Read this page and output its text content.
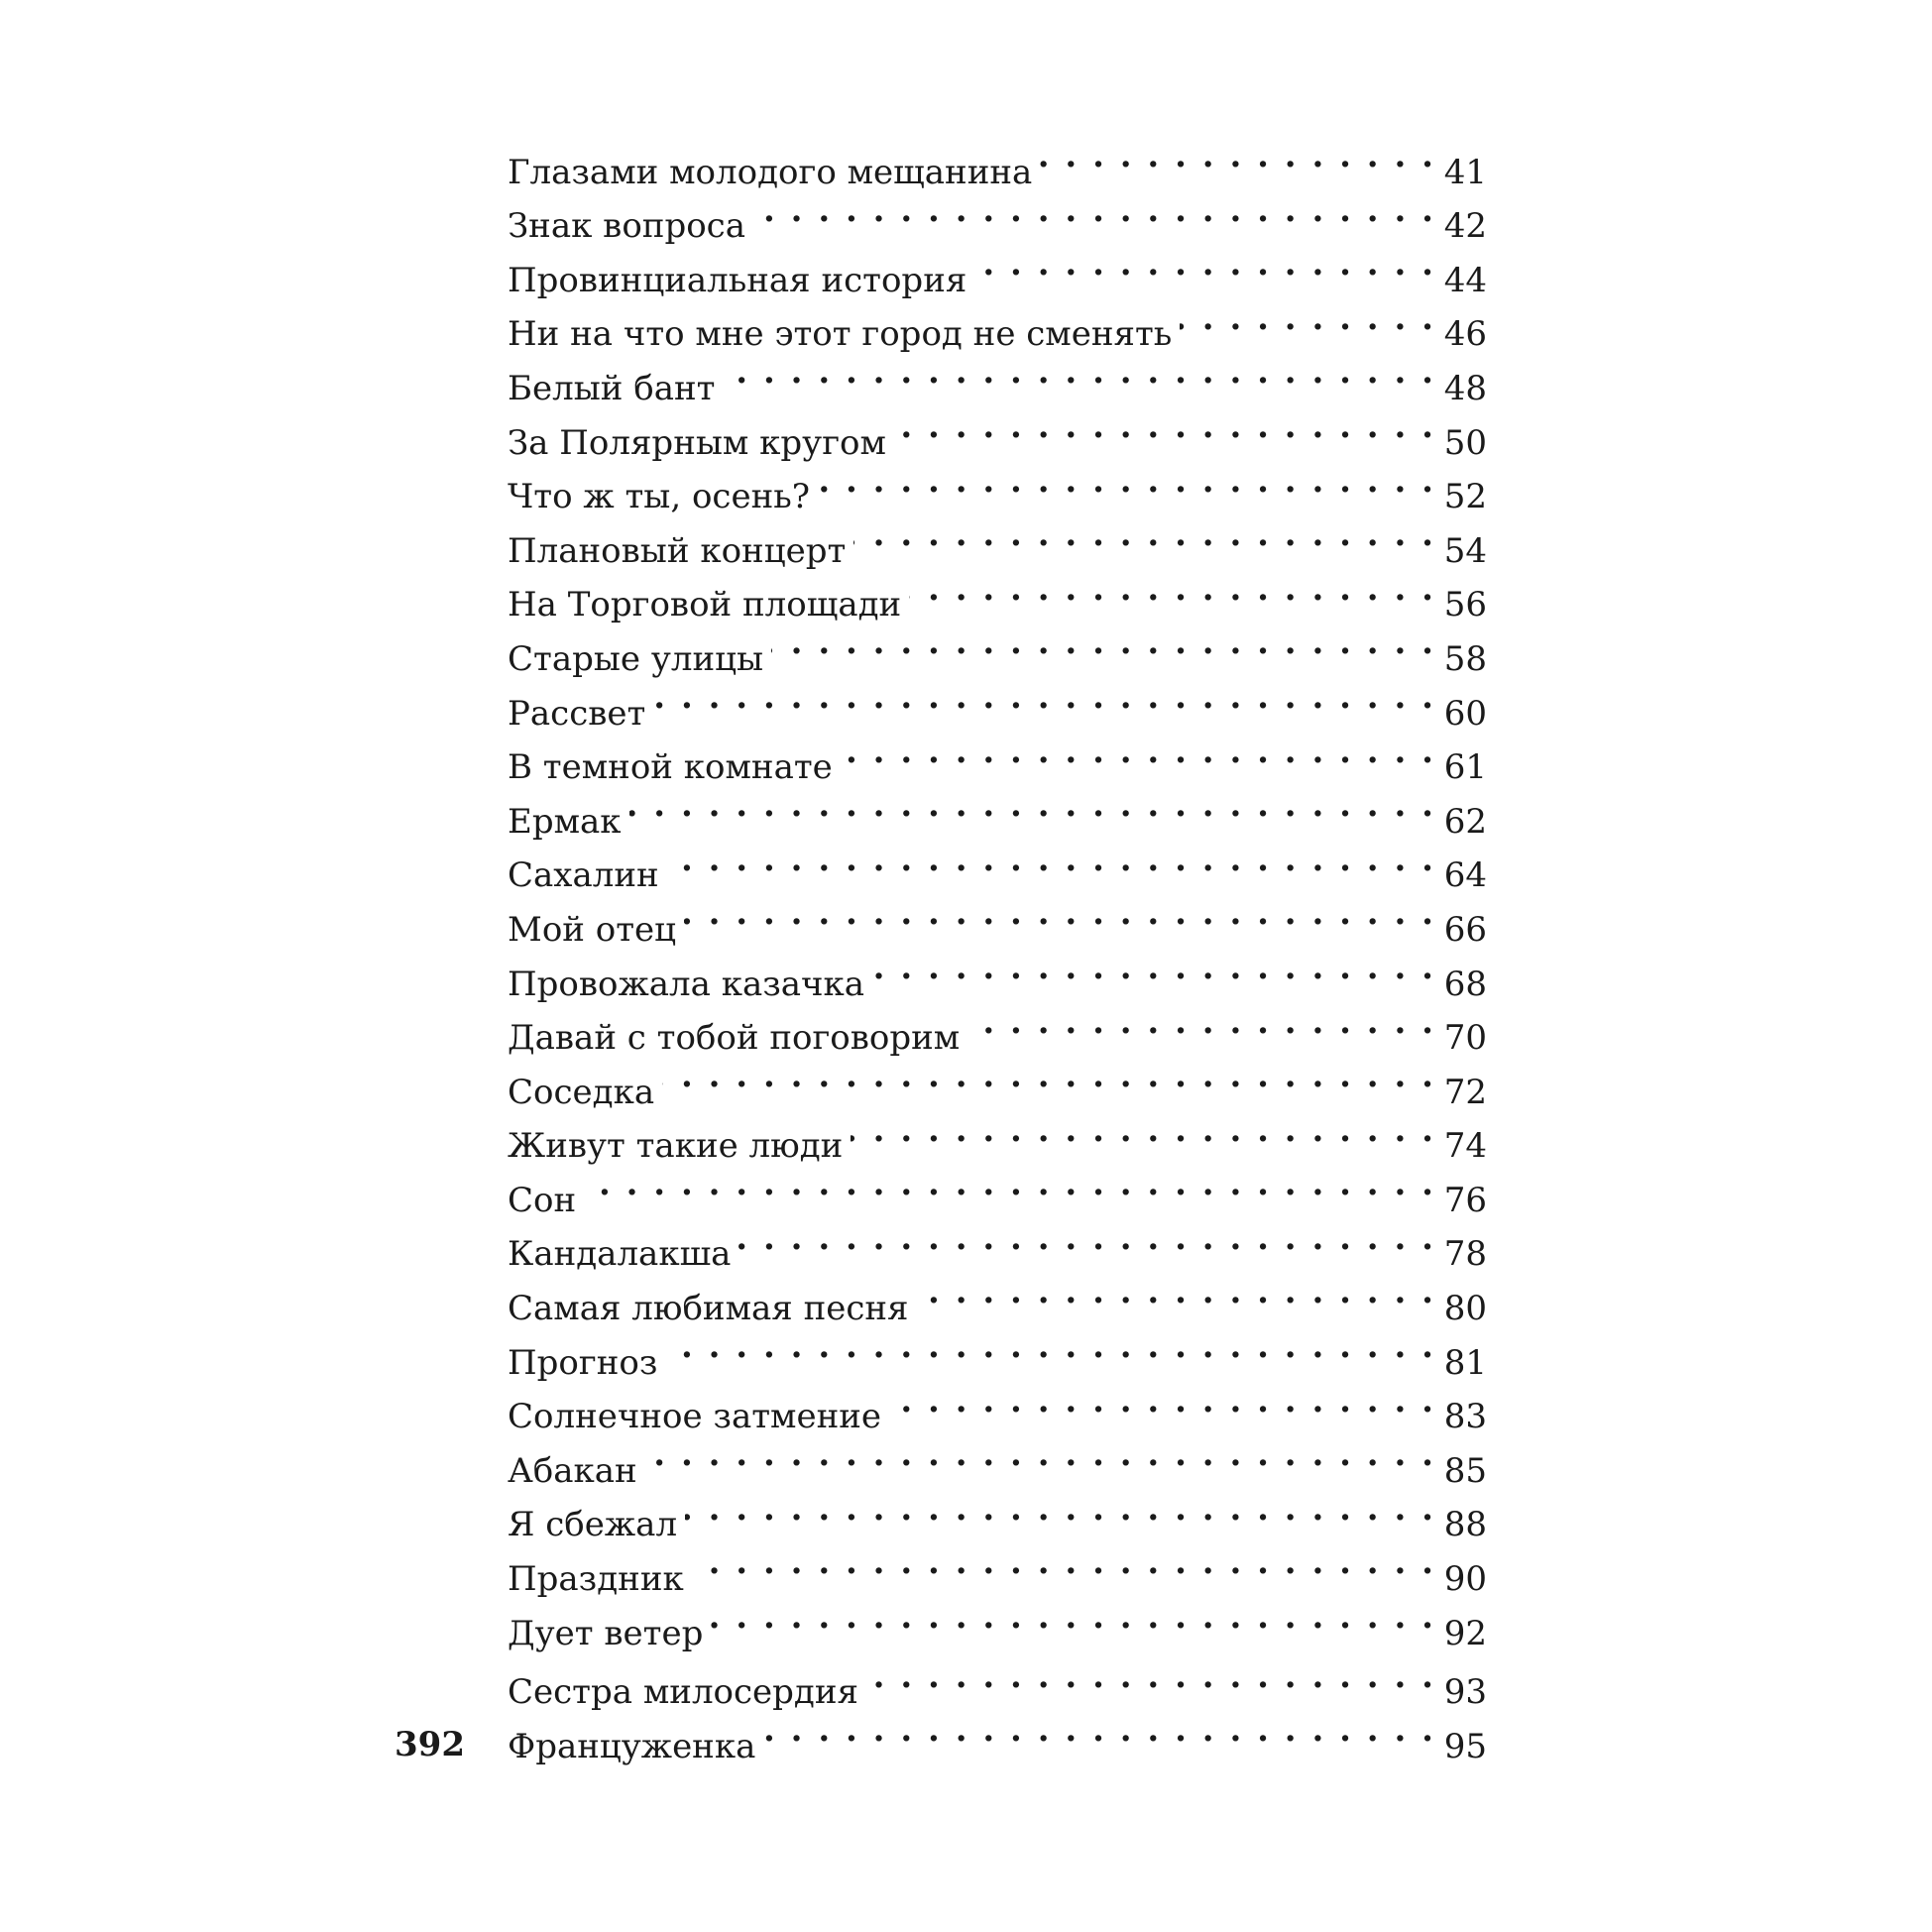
Глазами молодого мещанина . . .	41
Знак вопроса . . .	42
Провинциальная история . . .	44
Ни на что мне этот город не сменять . . .	46
Белый бант . . .	48
За Полярным кругом . . .	50
Что ж ты, осень? . . .	52
Плановый концерт . . .	54
На Торговой площади . . .	56
Старые улицы . . .	58
Рассвет . . .	60
В темной комнате . . .	61
Ермак . . .	62
Сахалин . . .	64
Мой отец . . .	66
Провожала казачка . . .	68
Давай с тобой поговорим . . .	70
Соседка . . .	72
Живут такие люди . . .	74
Сон . . .	76
Кандалакша . . .	78
Самая любимая песня . . .	80
Прогноз . . .	81
Солнечное затмение . . .	83
Абакан . . .	85
Я сбежал . . .	88
Праздник . . .	90
Дует ветер . . .	92
Сестра милосердия . . .	93
Француженка . . .	95
392
